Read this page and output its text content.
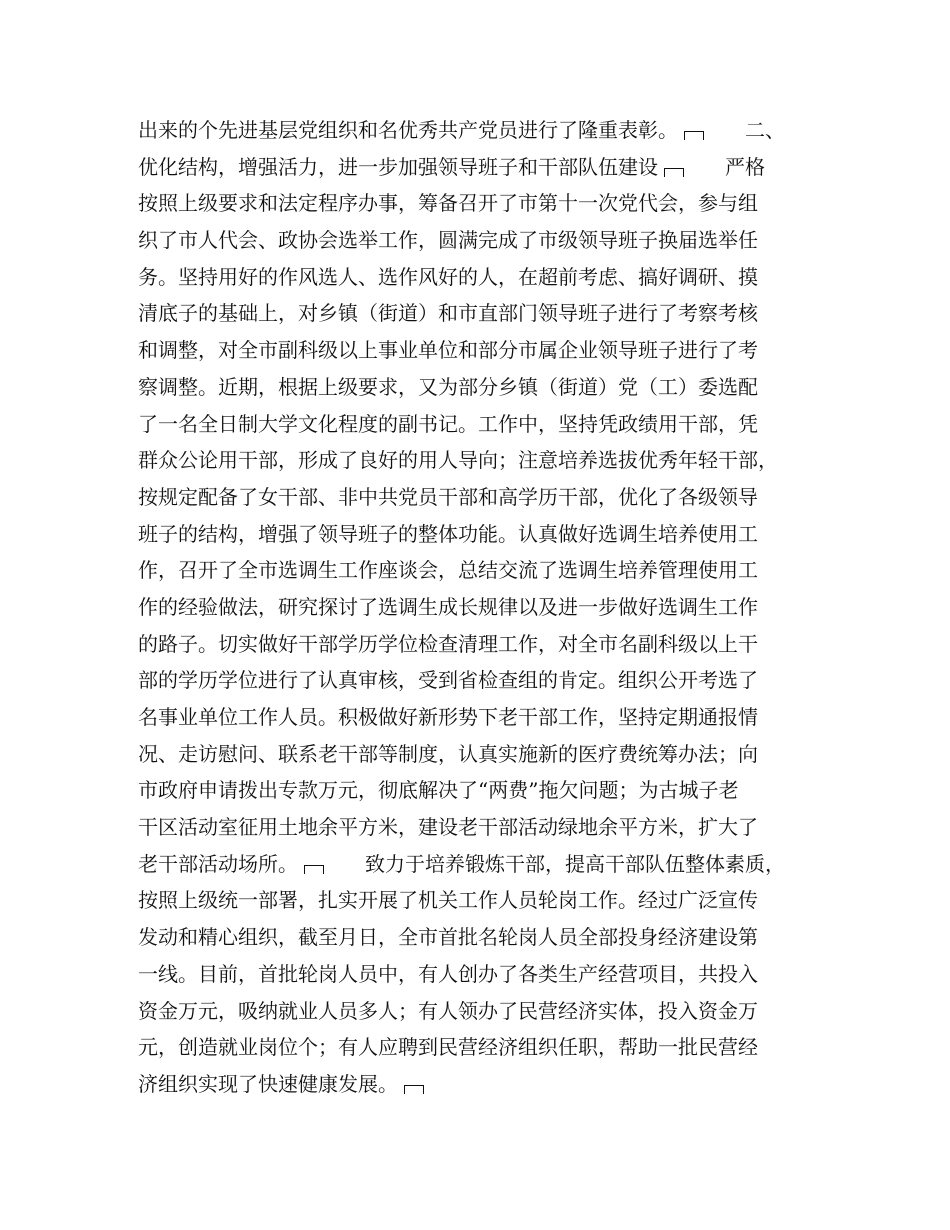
出来的个先进基层党组织和名优秀共产党员进行了隆重表彰。	二、
优化结构，增强活力，进一步加强领导班子和干部队伍建设	严格
按照上级要求和法定程序办事，筹备召开了市第十一次党代会，参与组
织了市人代会、政协会选举工作，圆满完成了市级领导班子换届选举任
务。坚持用好的作风选人、选作风好的人，在超前考虑、搞好调研、摸
清底子的基础上，对乡镇（街道）和市直部门领导班子进行了考察考核
和调整，对全市副科级以上事业单位和部分市属企业领导班子进行了考
察调整。近期，根据上级要求，又为部分乡镇（街道）党（工）委选配
了一名全日制大学文化程度的副书记。工作中，坚持凭政绩用干部，凭
群众公论用干部，形成了良好的用人导向；注意培养选拔优秀年轻干部，
按规定配备了女干部、非中共党员干部和高学历干部，优化了各级领导
班子的结构，增强了领导班子的整体功能。认真做好选调生培养使用工
作，召开了全市选调生工作座谈会，总结交流了选调生培养管理使用工
作的经验做法，研究探讨了选调生成长规律以及进一步做好选调生工作
的路子。切实做好干部学历学位检查清理工作，对全市名副科级以上干
部的学历学位进行了认真审核，受到省检查组的肯定。组织公开考选了
名事业单位工作人员。积极做好新形势下老干部工作，坚持定期通报情
况、走访慰问、联系老干部等制度，认真实施新的医疗费统筹办法；向
市政府申请拨出专款万元，彻底解决了“两费”拖欠问题；为古城子老
干区活动室征用土地余平方米，建设老干部活动绿地余平方米，扩大了
老干部活动场所。	致力于培养锻炼干部，提高干部队伍整体素质，
按照上级统一部署，扎实开展了机关工作人员轮岗工作。经过广泛宣传
发动和精心组织，截至月日，全市首批名轮岗人员全部投身经济建设第
一线。目前，首批轮岗人员中，有人创办了各类生产经营项目，共投入
资金万元，吸纳就业人员多人；有人领办了民营经济实体，投入资金万
元，创造就业岗位个；有人应聘到民营经济组织任职，帮助一批民营经
济组织实现了快速健康发展。
